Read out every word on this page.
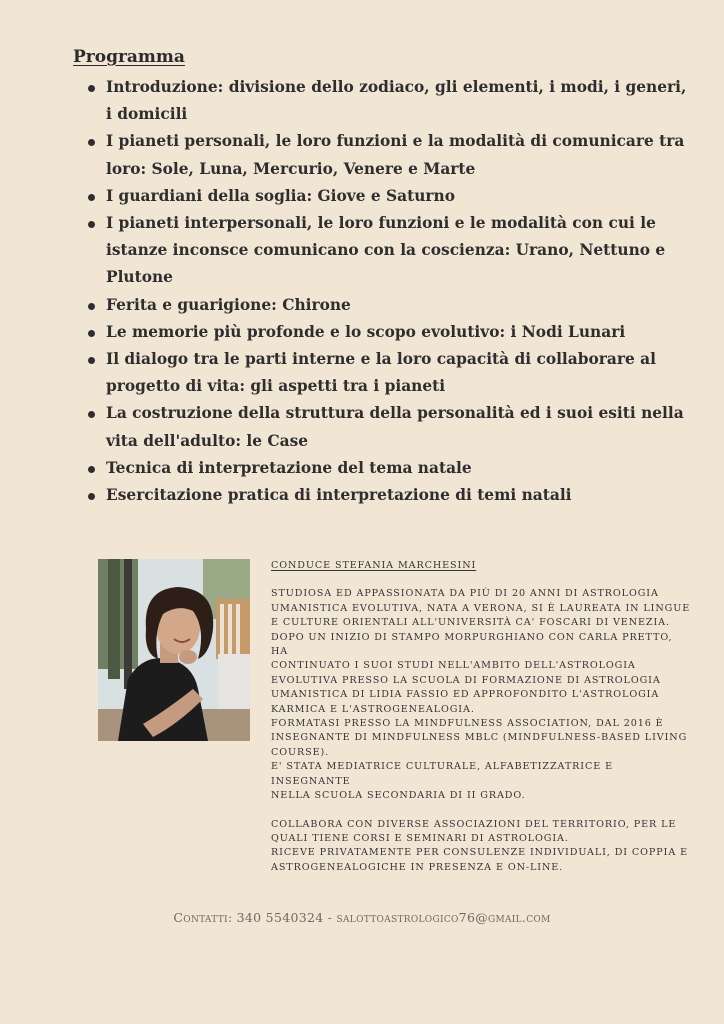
Programma
Introduzione: divisione dello zodiaco, gli elementi, i modi, i generi, i domicili
I pianeti personali, le loro funzioni e la modalità di comunicare tra loro: Sole, Luna, Mercurio, Venere e Marte
I guardiani della soglia: Giove e Saturno
I pianeti interpersonali, le loro funzioni e le modalità con cui le istanze inconsce comunicano con la coscienza: Urano, Nettuno e Plutone
Ferita e guarigione: Chirone
Le memorie più profonde e lo scopo evolutivo: i Nodi Lunari
Il dialogo tra le parti interne e la loro capacità di collaborare al progetto di vita: gli aspetti tra i pianeti
La costruzione della struttura della personalità ed i suoi esiti nella vita dell'adulto: le Case
Tecnica di interpretazione del tema natale
Esercitazione pratica di interpretazione di temi natali
CONDUCE STEFANIA MARCHESINI

STUDIOSA ED APPASSIONATA DA PIÙ DI 20 ANNI DI ASTROLOGIA

UMANISTICA EVOLUTIVA, NATA A VERONA, SI È LAUREATA IN LINGUE

E CULTURE ORIENTALI ALL'UNIVERSITÀ CA' FOSCARI DI VENEZIA.

DOPO UN INIZIO DI STAMPO MORPURGHIANO CON CARLA PRETTO, HA

CONTINUATO I SUOI STUDI NELL'AMBITO DELL'ASTROLOGIA

EVOLUTIVA PRESSO LA SCUOLA DI FORMAZIONE DI ASTROLOGIA

UMANISTICA DI LIDIA FASSIO ED APPROFONDITO L'ASTROLOGIA

KARMICA E L'ASTROGENEALOGIA.

FORMATASI PRESSO LA MINDFULNESS ASSOCIATION, DAL 2016 È

INSEGNANTE DI MINDFULNESS MBLC (MINDFULNESS-BASED LIVING

COURSE).

E' STATA MEDIATRICE CULTURALE, ALFABETIZZATRICE E INSEGNANTE

NELLA SCUOLA SECONDARIA DI II GRADO.

COLLABORA CON DIVERSE ASSOCIAZIONI DEL TERRITORIO, PER LE

QUALI TIENE CORSI E SEMINARI DI ASTROLOGIA.

RICEVE PRIVATAMENTE PER CONSULENZE INDIVIDUALI, DI COPPIA E

ASTROGENEALOGICHE IN PRESENZA E ON-LINE.

Contatti: 340 5540324 - salottoastrologico76@gmail.com
